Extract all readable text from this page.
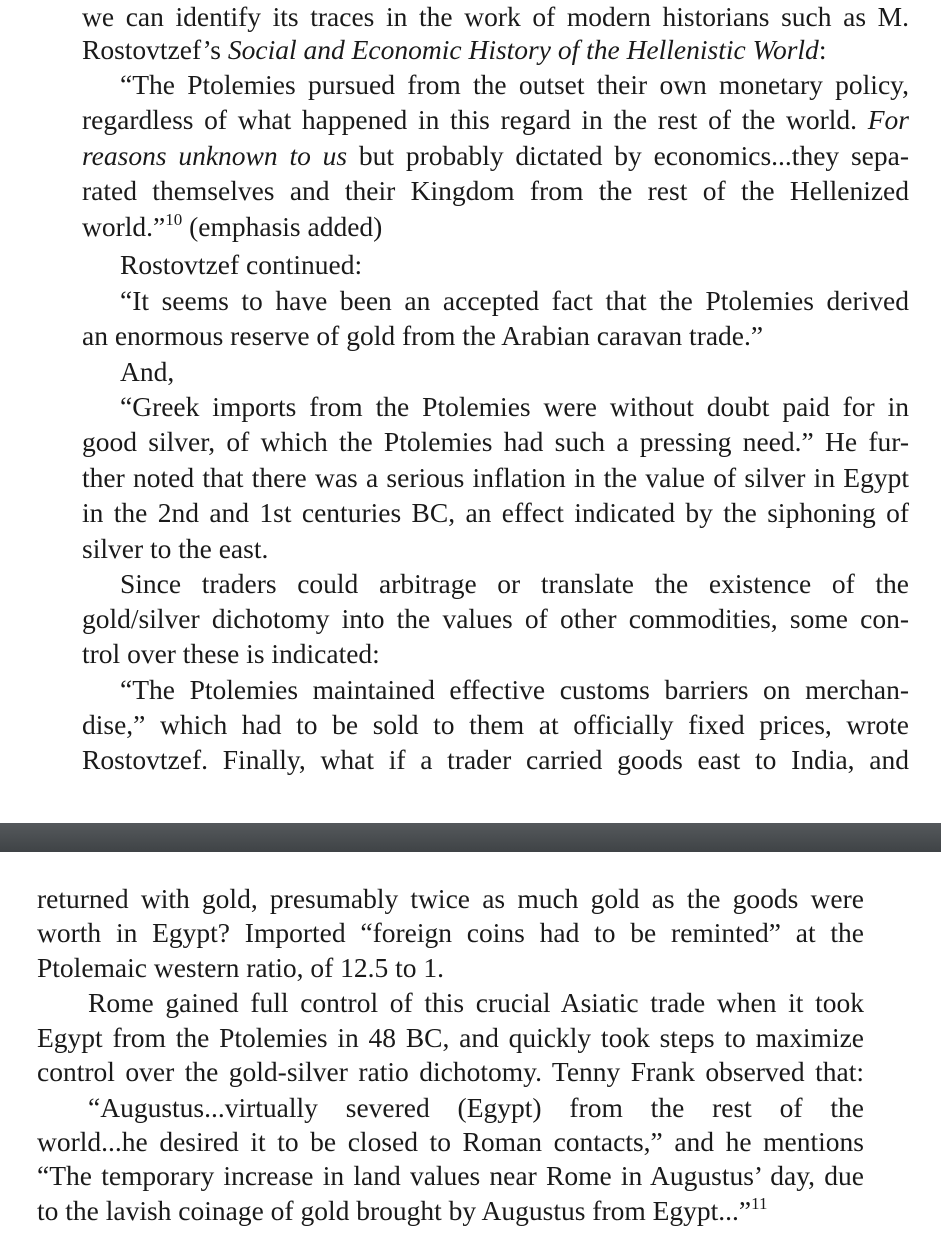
we can identify its traces in the work of modern historians such as M.
Rostovtzef’s Social and Economic History of the Hellenistic World:
“The Ptolemies pursued from the outset their own monetary policy,
regardless of what happened in this regard in the rest of the world. For
reasons unknown to us but probably dictated by economics...they sepa-
rated themselves and their Kingdom from the rest of the Hellenized
world.”$^{10}$ (emphasis added)
Rostovtzef continued:
“It seems to have been an accepted fact that the Ptolemies derived
an enormous reserve of gold from the Arabian caravan trade.”
And,
“Greek imports from the Ptolemies were without doubt paid for in
good silver, of which the Ptolemies had such a pressing need.” He fur-
ther noted that there was a serious inflation in the value of silver in Egypt
in the 2nd and 1st centuries BC, an effect indicated by the siphoning of
silver to the east.
Since traders could arbitrage or translate the existence of the
gold/silver dichotomy into the values of other commodities, some con-
trol over these is indicated:
“The Ptolemies maintained effective customs barriers on merchan-
dise,” which had to be sold to them at officially fixed prices, wrote
Rostovtzef. Finally, what if a trader carried goods east to India, and
returned with gold, presumably twice as much gold as the goods were
worth in Egypt? Imported “foreign coins had to be reminted” at the
Ptolemaic western ratio, of 12.5 to 1.
Rome gained full control of this crucial Asiatic trade when it took
Egypt from the Ptolemies in 48 BC, and quickly took steps to maximize
control over the gold-silver ratio dichotomy. Tenny Frank observed that:
“Augustus...virtually severed (Egypt) from the rest of the
world...he desired it to be closed to Roman contacts,” and he mentions
“The temporary increase in land values near Rome in Augustus’ day, due
to the lavish coinage of gold brought by Augustus from Egypt...”$^{11}$
